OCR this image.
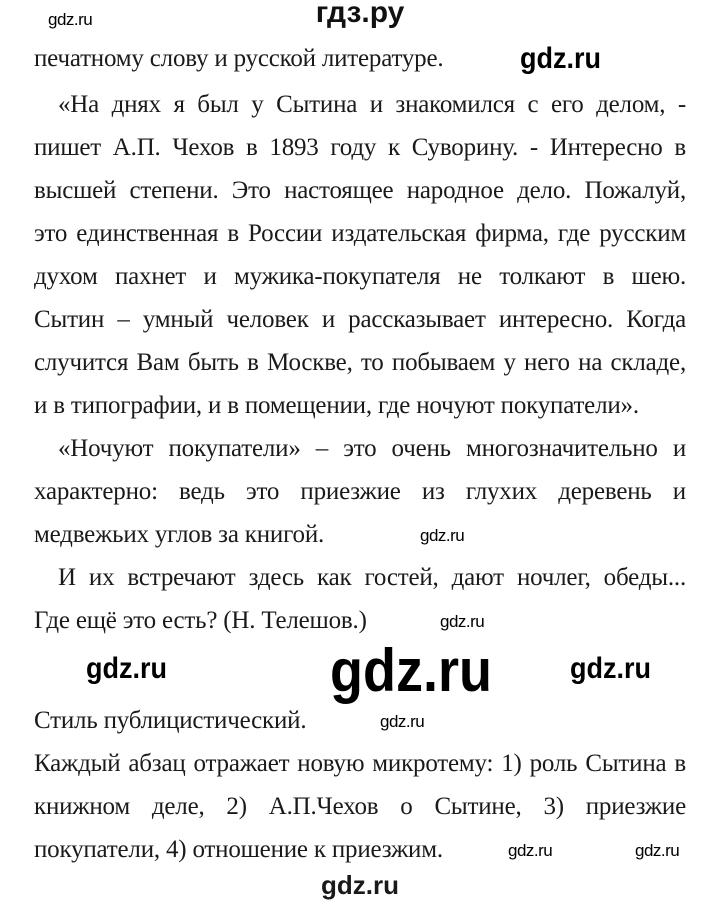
гдз.ру
печатному слову и русской литературе.
«На днях я был у Сытина и знакомился с его делом, -
пишет А.П. Чехов в 1893 году к Суворину. - Интересно в
высшей степени. Это настоящее народное дело. Пожалуй,
это единственная в России издательская фирма, где русским
духом пахнет и мужика-покупателя не толкают в шею.
Сытин – умный человек и рассказывает интересно. Когда
случится Вам быть в Москве, то побываем у него на складе,
и в типографии, и в помещении, где ночуют покупатели».
«Ночуют покупатели» – это очень многозначительно и
характерно: ведь это приезжие из глухих деревень и
медвежьих углов за книгой.
И их встречают здесь как гостей, дают ночлег, обеды...
Где ещё это есть? (Н. Телешов.)
Стиль публицистический.
Каждый абзац отражает новую микротему: 1) роль Сытина в
книжном деле, 2) А.П.Чехов о Сытине, 3) приезжие
покупатели, 4) отношение к приезжим.
gdz.ru
gdz.ru	gdz.ru
gdz.ru
gdz.ru
gdz.ru
gdz.ru
gdz.ru
gdz.ru	gdz.ru
gdz.ru
